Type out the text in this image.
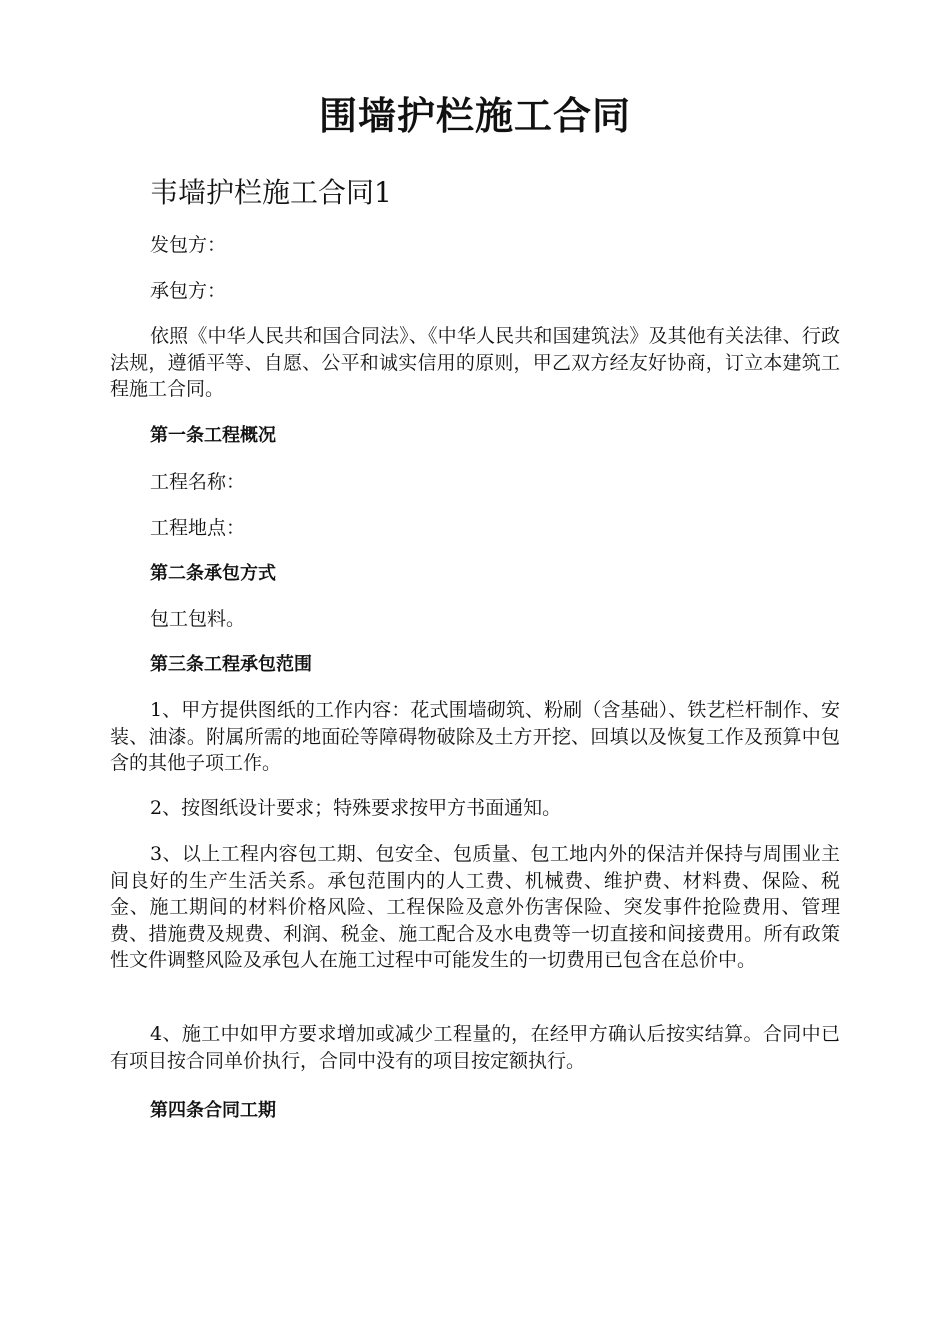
围墙护栏施工合同
韦墙护栏施工合同1

发包方：

承包方：

依照《中华人民共和国合同法》、《中华人民共和国建筑法》及其他有关法律、行政法规，遵循平等、自愿、公平和诚实信用的原则，甲乙双方经友好协商，订立本建筑工程施工合同。

第一条工程概况

工程名称：

工程地点：

第二条承包方式

包工包料。

第三条工程承包范围

1、甲方提供图纸的工作内容：花式围墙砌筑、粉刷（含基础）、铁艺栏杆制作、安装、油漆。附属所需的地面砼等障碍物破除及土方开挖、回填以及恢复工作及预算中包含的其他子项工作。

2、按图纸设计要求；特殊要求按甲方书面通知。

3、以上工程内容包工期、包安全、包质量、包工地内外的保洁并保持与周围业主间良好的生产生活关系。承包范围内的人工费、机械费、维护费、材料费、保险、税金、施工期间的材料价格风险、工程保险及意外伤害保险、突发事件抢险费用、管理费、措施费及规费、利润、税金、施工配合及水电费等一切直接和间接费用。所有政策性文件调整风险及承包人在施工过程中可能发生的一切费用已包含在总价中。

4、施工中如甲方要求增加或减少工程量的，在经甲方确认后按实结算。合同中已有项目按合同单价执行，合同中没有的项目按定额执行。

第四条合同工期
